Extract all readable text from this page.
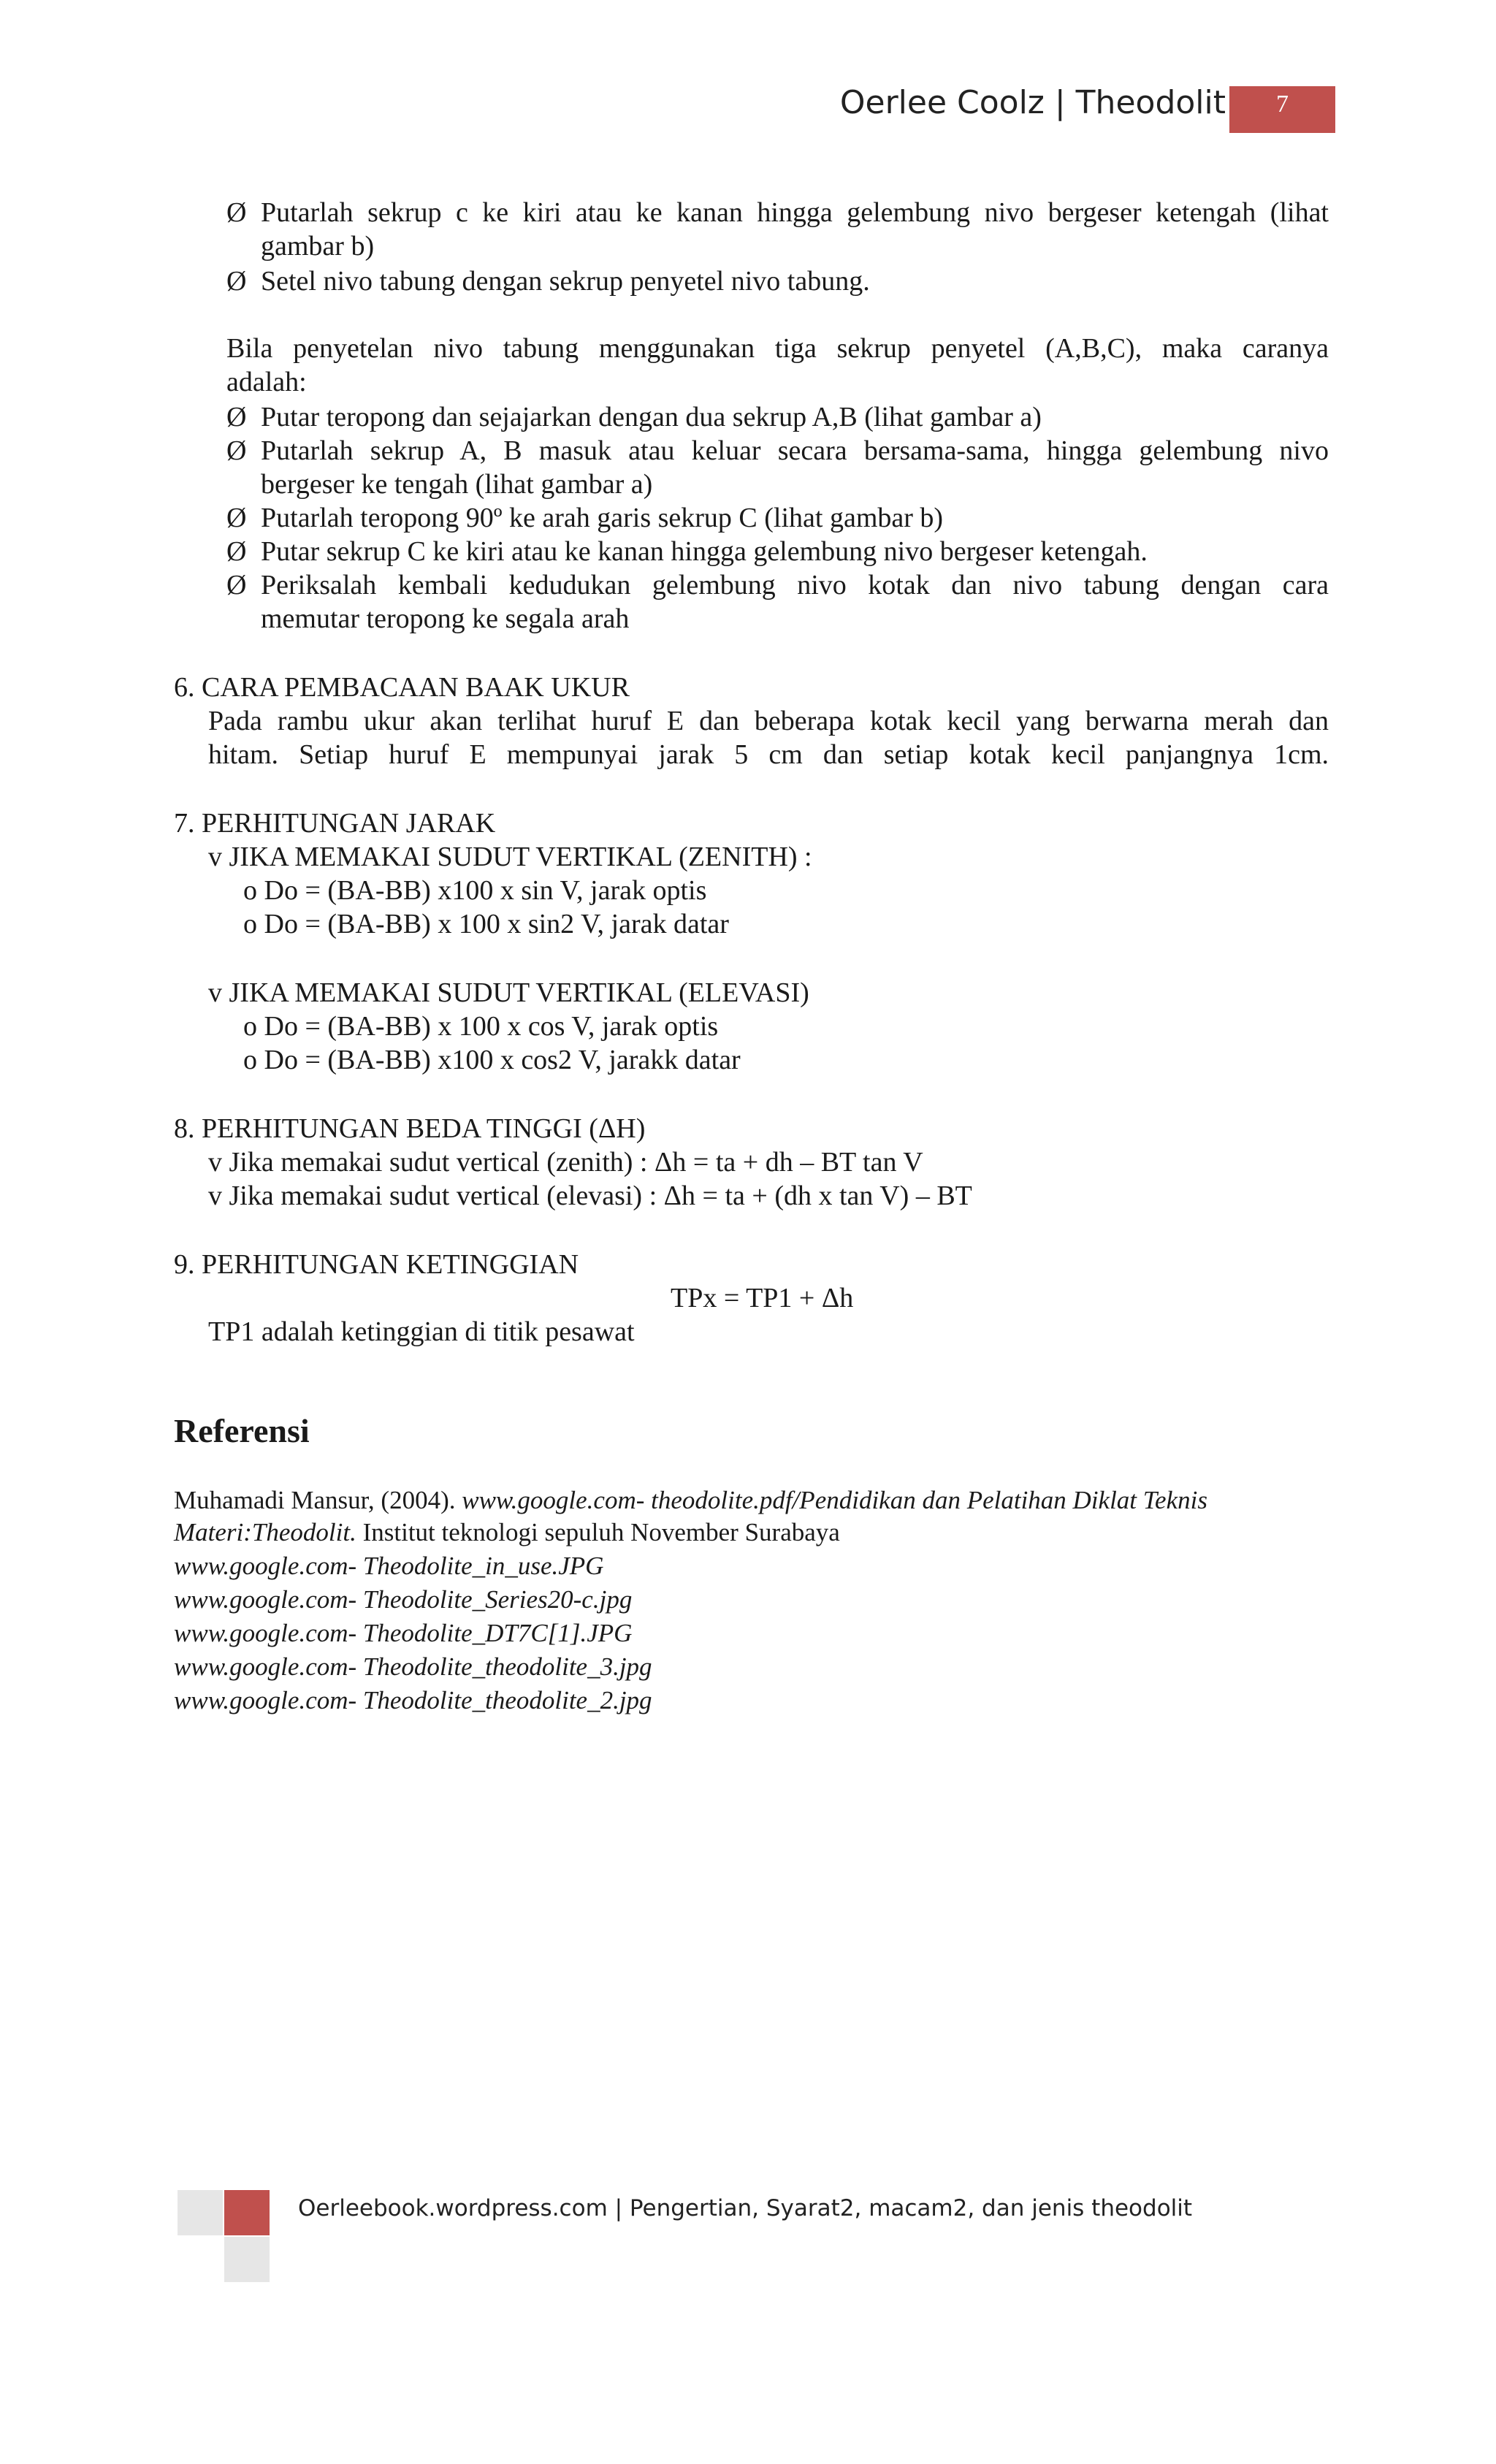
Oerlee Coolz | Theodolit	7
Ø Putarlah sekrup c ke kiri atau ke kanan hingga gelembung nivo bergeser ketengah (lihat
gambar b)
Ø Setel nivo tabung dengan sekrup penyetel nivo tabung.
Bila penyetelan nivo tabung menggunakan tiga sekrup penyetel (A,B,C), maka caranya
adalah:
Ø Putar teropong dan sejajarkan dengan dua sekrup A,B (lihat gambar a)
Ø Putarlah sekrup A, B masuk atau keluar secara bersama-sama, hingga gelembung nivo
bergeser ke tengah (lihat gambar a)
Ø Putarlah teropong 90º ke arah garis sekrup C (lihat gambar b)
Ø Putar sekrup C ke kiri atau ke kanan hingga gelembung nivo bergeser ketengah.
Ø Periksalah kembali kedudukan gelembung nivo kotak dan nivo tabung dengan cara
memutar teropong ke segala arah
6. CARA PEMBACAAN BAAK UKUR
Pada rambu ukur akan terlihat huruf E dan beberapa kotak kecil yang berwarna merah dan
hitam. Setiap huruf E mempunyai jarak 5 cm dan setiap kotak kecil panjangnya 1cm.
7. PERHITUNGAN JARAK
v JIKA MEMAKAI SUDUT VERTIKAL (ZENITH) :
o Do = (BA-BB) x100 x sin V, jarak optis
o Do = (BA-BB) x 100 x sin2 V, jarak datar
v JIKA MEMAKAI SUDUT VERTIKAL (ELEVASI)
o Do = (BA-BB) x 100 x cos V, jarak optis
o Do = (BA-BB) x100 x cos2 V, jarakk datar
8. PERHITUNGAN BEDA TINGGI (ΔH)
v Jika memakai sudut vertical (zenith) : Δh = ta + dh – BT tan V
v Jika memakai sudut vertical (elevasi) : Δh = ta + (dh x tan V) – BT
9. PERHITUNGAN KETINGGIAN
TPx = TP1 + Δh
TP1 adalah ketinggian di titik pesawat
Referensi
Muhamadi Mansur, (2004). www.google.com- theodolite.pdf/Pendidikan dan Pelatihan Diklat Teknis
Materi:Theodolit. Institut teknologi sepuluh November Surabaya
www.google.com- Theodolite_in_use.JPG
www.google.com- Theodolite_Series20-c.jpg
www.google.com- Theodolite_DT7C[1].JPG
www.google.com- Theodolite_theodolite_3.jpg
www.google.com- Theodolite_theodolite_2.jpg
Oerleebook.wordpress.com | Pengertian, Syarat2, macam2, dan jenis theodolit
